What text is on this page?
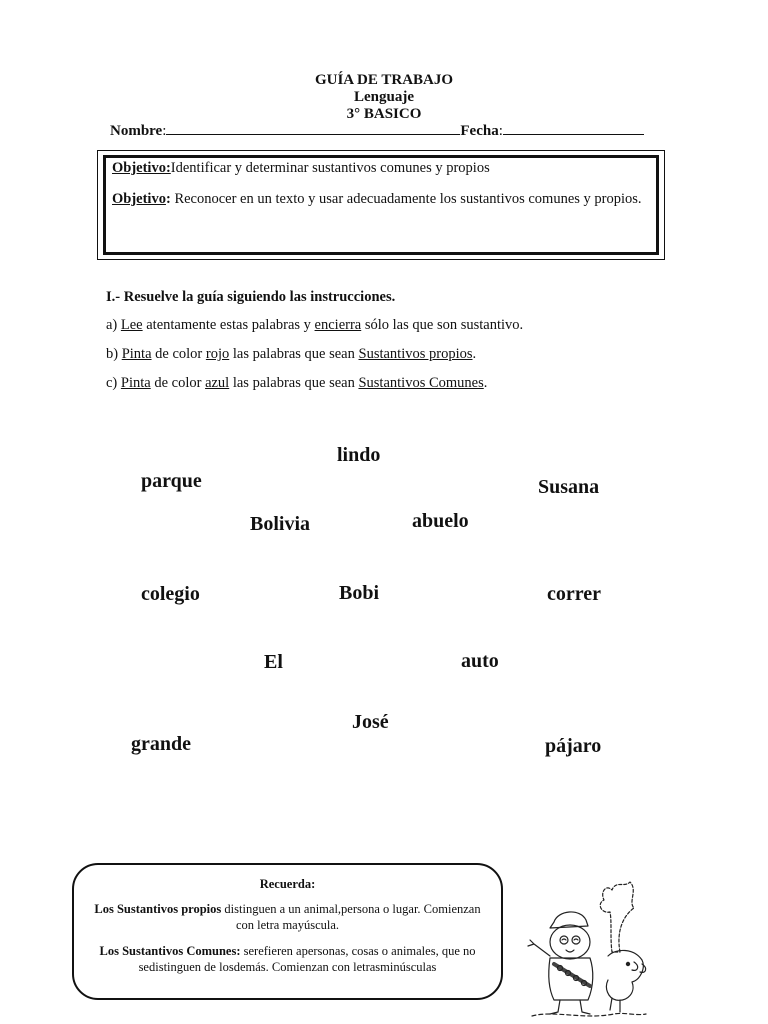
GUÍA DE TRABAJO
Lenguaje
3° BASICO
Nombre:	Fecha:

Objetivo:Identificar y determinar sustantivos comunes y propios

Objetivo: Reconocer en un texto y usar adecuadamente los sustantivos comunes y propios.

I.- Resuelve la guía siguiendo las instrucciones.
a) Lee atentamente estas palabras y encierra sólo las que son sustantivo.
b) Pinta de color rojo las palabras que sean Sustantivos propios.
c) Pinta de color azul las palabras que sean Sustantivos Comunes.
lindo
parque	Susana
Bolivia	abuelo
colegio	Bobi	correr
El	auto
José
grande	pájaro
Recuerda:
Los Sustantivos propios distinguen a un animal,persona o lugar. Comienzan con letra mayúscula.
Los Sustantivos Comunes: serefieren apersonas, cosas o animales, que no sedistinguen de losdemás. Comienzan con letrasminúsculas
